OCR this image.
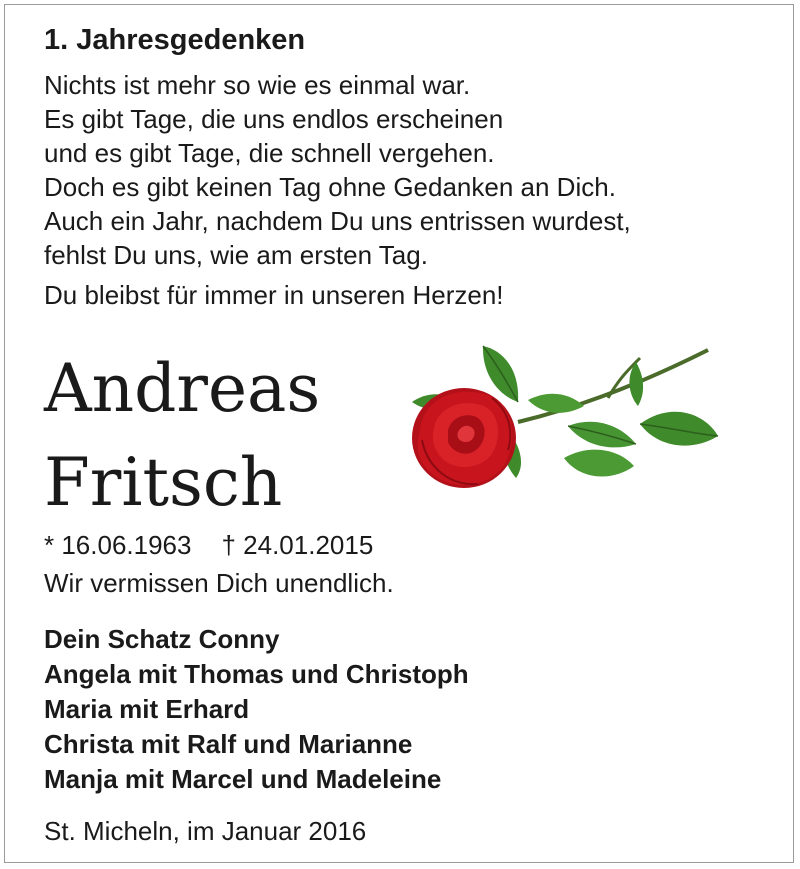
1. Jahresgedenken

Nichts ist mehr so wie es einmal war.

Es gibt Tage, die uns endlos erscheinen

und es gibt Tage, die schnell vergehen.

Doch es gibt keinen Tag ohne Gedanken an Dich.

Auch ein Jahr, nachdem Du uns entrissen wurdest,

fehlst Du uns, wie am ersten Tag.

Du bleibst für immer in unseren Herzen!

Andreas
Fritsch
* 16.06.1963 † 24.01.2015
Wir vermissen Dich unendlich.
Dein Schatz Conny
Angela mit Thomas und Christoph
Maria mit Erhard
Christa mit Ralf und Marianne
Manja mit Marcel und Madeleine
St. Micheln, im Januar 2016
